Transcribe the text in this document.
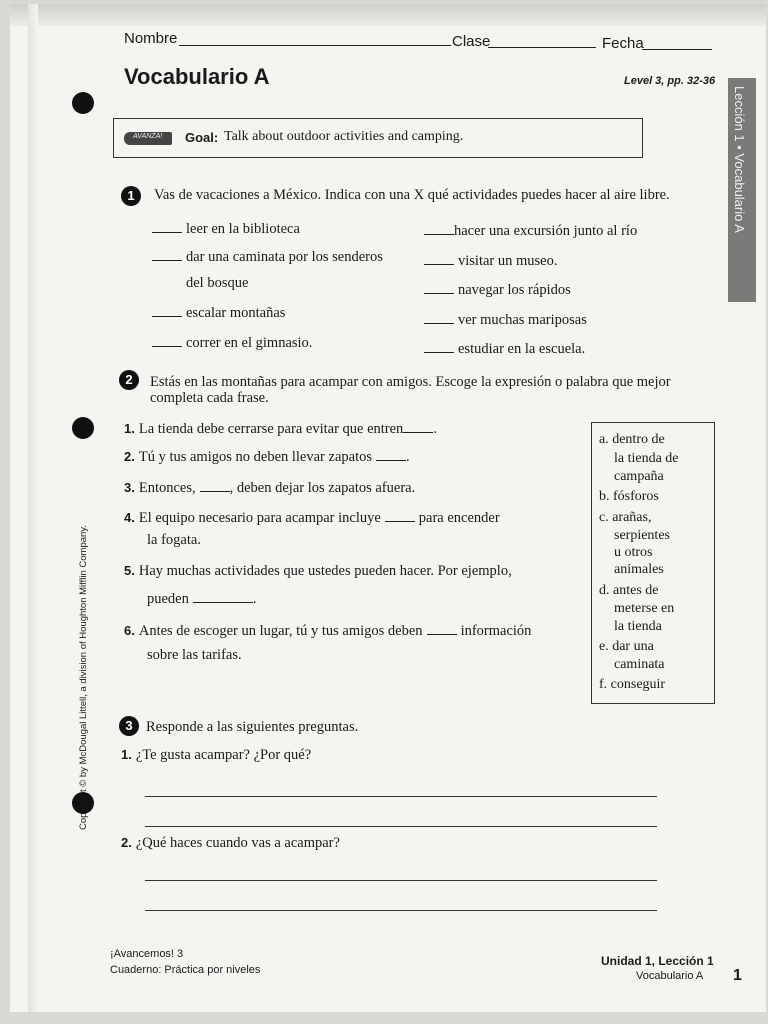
Nombre	Clase	Fecha
Vocabulario A	Level 3, pp. 32-36
Lección 1 • Vocabulario A
AVANZA! Goal: Talk about outdoor activities and camping.
1	Vas de vacaciones a México. Indica con una X qué actividades puedes hacer al aire libre.
leer en la biblioteca
dar una caminata por los senderos
del bosque
escalar montañas
correr en el gimnasio.
hacer una excursión junto al río
visitar un museo.
navegar los rápidos
ver muchas mariposas
estudiar en la escuela.
2	Estás en las montañas para acampar con amigos. Escoge la expresión o palabra que mejor
completa cada frase.
1. La tienda debe cerrarse para evitar que entren .
2. Tú y tus amigos no deben llevar zapatos .
3. Entonces, , deben dejar los zapatos afuera.
4. El equipo necesario para acampar incluye	para encender
la fogata.
5. Hay muchas actividades que ustedes pueden hacer. Por ejemplo,
pueden	.
6. Antes de escoger un lugar, tú y tus amigos deben	información
sobre las tarifas.
a. dentro de
la tienda de
campaña
b. fósforos
c. arañas,
serpientes
u otros
animales
d. antes de
meterse en
la tienda
e. dar una
caminata
f. conseguir
3 Responde a las siguientes preguntas.
1. ¿Te gusta acampar? ¿Por qué?
2. ¿Qué haces cuando vas a acampar?
Copyright © by McDougal Littell, a division of Houghton Mifflin Company.
¡Avancemos! 3
Cuaderno: Práctica por niveles
Unidad 1, Lección 1
Vocabulario A 1
